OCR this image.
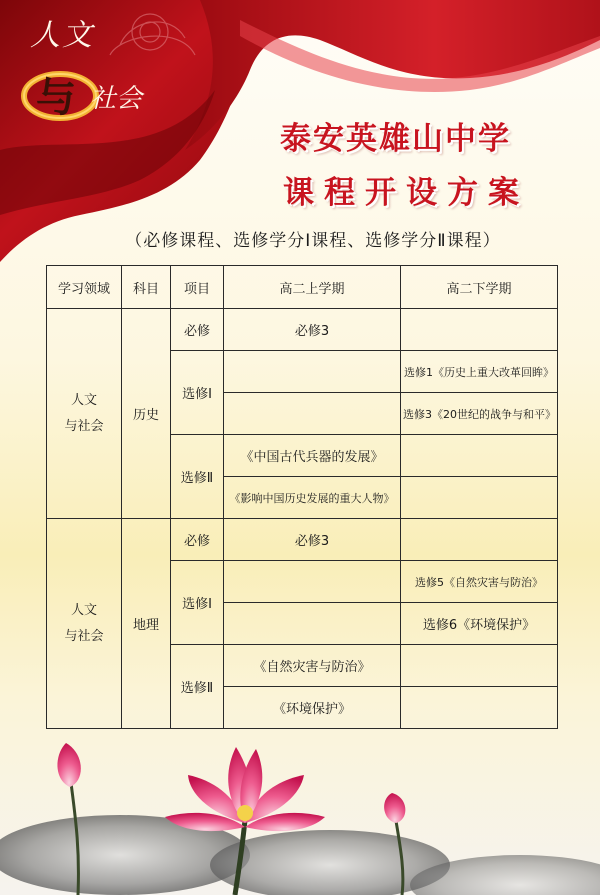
人文
与 社会
泰安英雄山中学
课程开设方案
（必修课程、选修学分Ⅰ课程、选修学分Ⅱ课程）
学习领域	科目	项目	高二上学期	高二下学期

人文
与社会	历史	必修	必修3	
		选修Ⅰ		选修1《历史上重大改革回眸》
				选修3《20世纪的战争与和平》
		选修Ⅱ	《中国古代兵器的发展》	
			《影响中国历史发展的重大人物》	

人文
与社会	地理	必修	必修3	
		选修Ⅰ		选修5《自然灾害与防治》
				选修6《环境保护》
		选修Ⅱ	《自然灾害与防治》	
			《环境保护》	
